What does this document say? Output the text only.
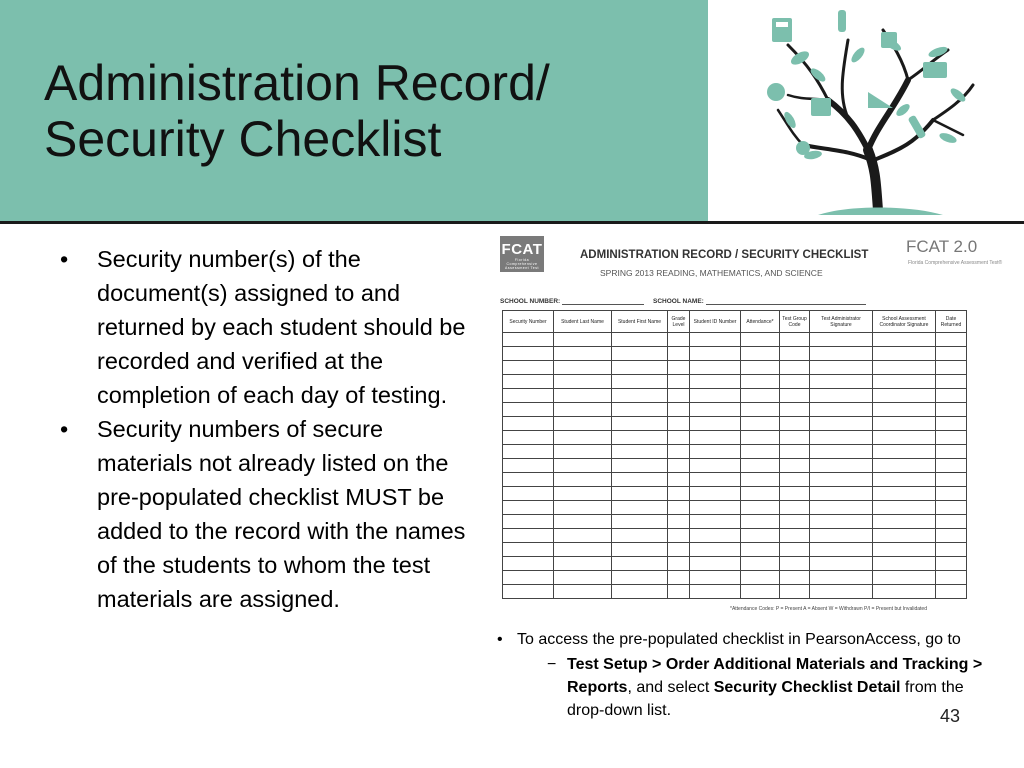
Administration Record/
Security Checklist
• Security number(s) of the document(s) assigned to and returned by each student should be recorded and verified at the completion of each day of testing.
• Security numbers of secure materials not already listed on the pre-populated checklist MUST be added to the record with the names of the students to whom the test materials are assigned.
FCAT
Florida Comprehensive Assessment Test
ADMINISTRATION RECORD / SECURITY CHECKLIST
SPRING 2013 READING, MATHEMATICS, AND SCIENCE
FCAT 2.0
Florida Comprehensive Assessment Test®
SCHOOL NUMBER:	SCHOOL NAME:
Security Number	Student Last Name	Student First Name	Grade Level	Student ID Number	Attendance*	Test Group Code	Test Administrator Signature	School Assessment Coordinator Signature	Date Returned

*Attendance Codes: P = Present A = Absent W = Withdrawn P/I = Present but Invalidated
• To access the pre-populated checklist in PearsonAccess, go to
− Test Setup > Order Additional Materials and Tracking > Reports, and select Security Checklist Detail from the drop-down list.	43
